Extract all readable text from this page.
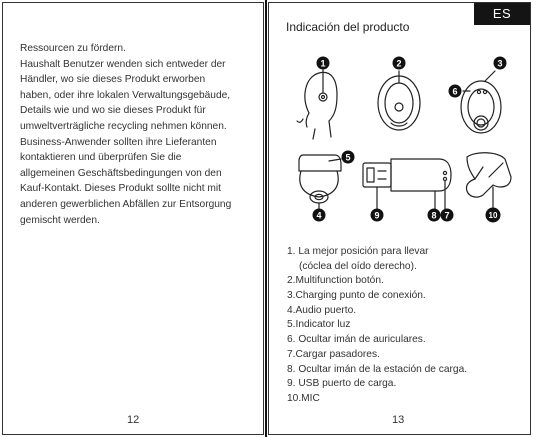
Ressourcen zu fördern.
Haushalt Benutzer wenden sich entweder der
Händler, wo sie dieses Produkt erworben
haben, oder ihre lokalen Verwaltungsgebäude,
Details wie und wo sie dieses Produkt für
umweltverträgliche recycling nehmen können.
Business-Anwender sollten ihre Lieferanten
kontaktieren und überprüfen Sie die
allgemeinen Geschäftsbedingungen von den
Kauf-Kontakt. Dieses Produkt sollte nicht mit
anderen gewerblichen Abfällen zur Entsorgung
gemischt werden.
12
ES
Indicación del producto
1	2	3
6
5
4	9	8 7	10
1. La mejor posición para llevar
(cóclea del oído derecho).
2.Multifunction botón.
3.Charging punto de conexión.
4.Audio puerto.
5.Indicator luz
6. Ocultar imán de auriculares.
7.Cargar pasadores.
8. Ocultar imán de la estación de carga.
9. USB puerto de carga.
10.MIC
13
